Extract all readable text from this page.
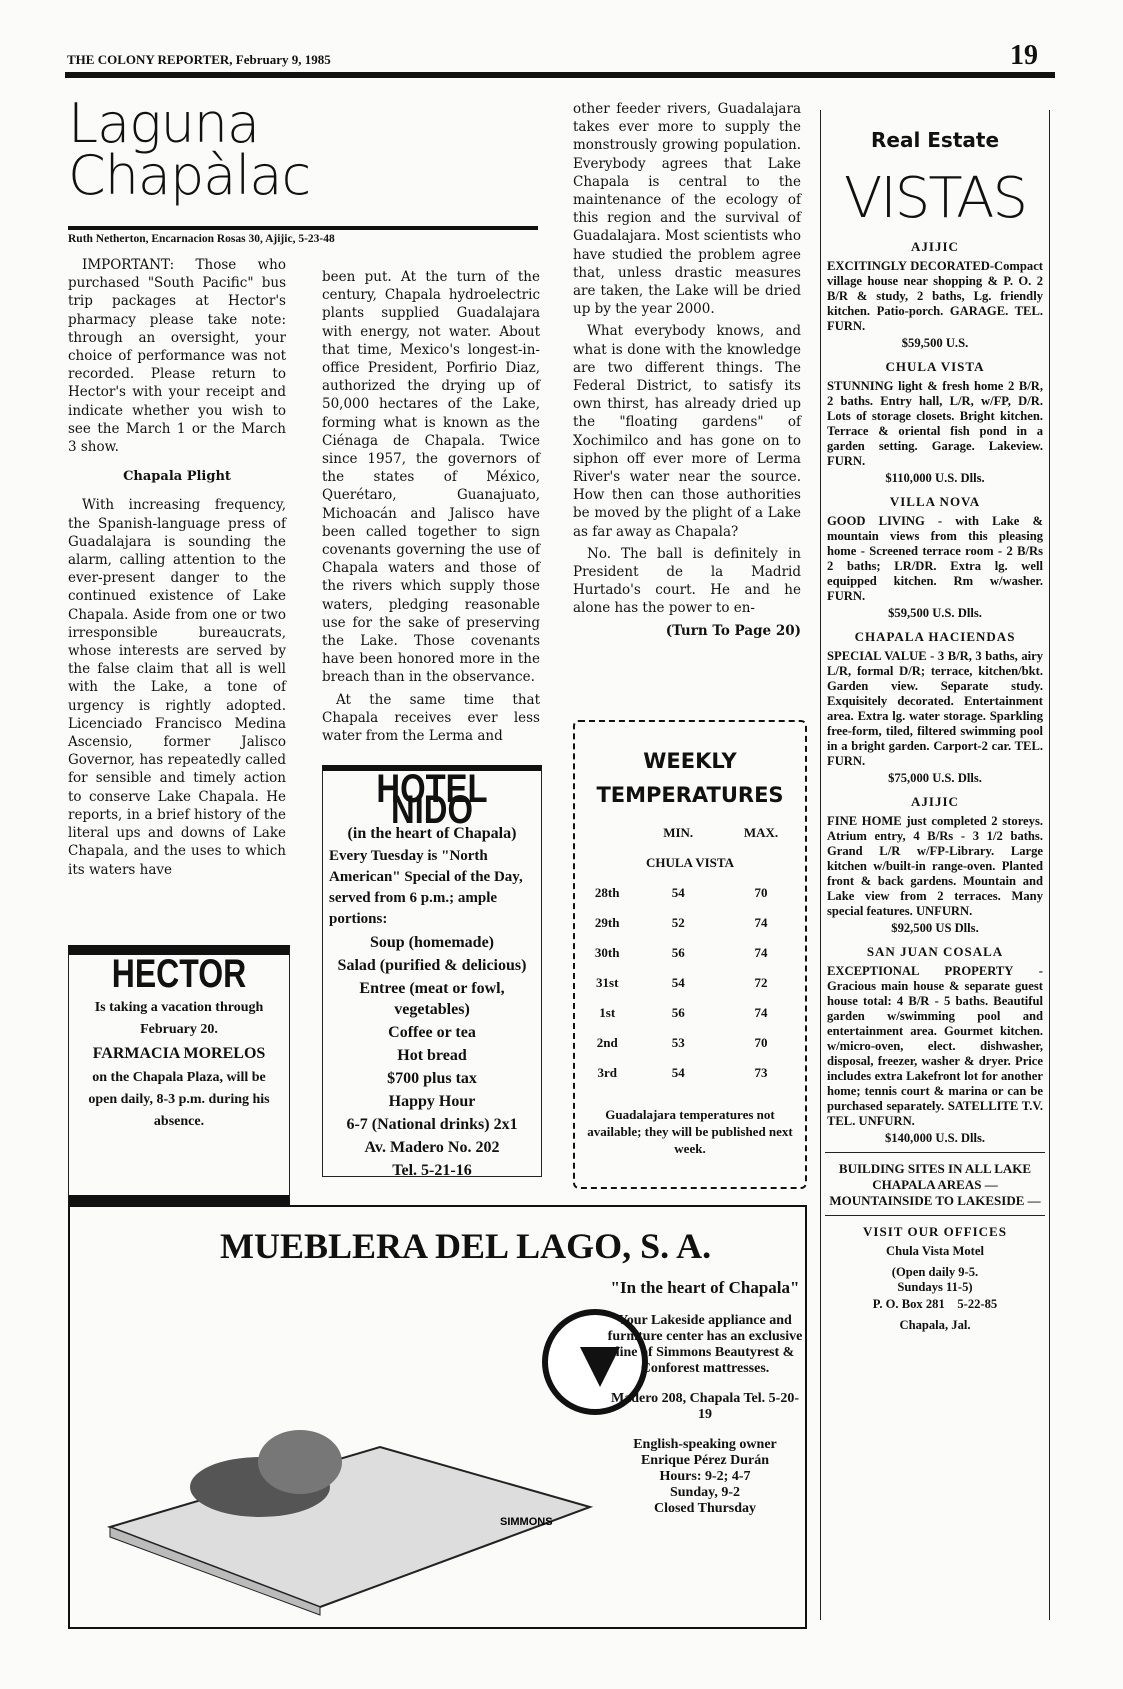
THE COLONY REPORTER, February 9, 1985	19
Laguna
Chapàlac
Ruth Netherton, Encarnacion Rosas 30, Ajijic, 5-23-48

IMPORTANT: Those who purchased "South Pacific" bus trip packages at Hector's pharmacy please take note: through an oversight, your choice of performance was not recorded. Please return to Hector's with your receipt and indicate whether you wish to see the March 1 or the March 3 show.

Chapala Plight

With increasing frequency, the Spanish-language press of Guadalajara is sounding the alarm, calling attention to the ever-present danger to the continued existence of Lake Chapala. Aside from one or two irresponsible bureaucrats, whose interests are served by the false claim that all is well with the Lake, a tone of urgency is rightly adopted. Licenciado Francisco Medina Ascensio, former Jalisco Governor, has repeatedly called for sensible and timely action to conserve Lake Chapala. He reports, in a brief history of the literal ups and downs of Lake Chapala, and the uses to which its waters have

been put. At the turn of the century, Chapala hydroelectric plants supplied Guadalajara with energy, not water. About that time, Mexico's longest-in-office President, Porfirio Diaz, authorized the drying up of 50,000 hectares of the Lake, forming what is known as the Ciénaga de Chapala. Twice since 1957, the governors of the states of México, Querétaro, Guanajuato, Michoacán and Jalisco have been called together to sign covenants governing the use of Chapala waters and those of the rivers which supply those waters, pledging reasonable use for the sake of preserving the Lake. Those covenants have been honored more in the breach than in the observance.

At the same time that Chapala receives ever less water from the Lerma and

other feeder rivers, Guadalajara takes ever more to supply the monstrously growing population. Everybody agrees that Lake Chapala is central to the maintenance of the ecology of this region and the survival of Guadalajara. Most scientists who have studied the problem agree that, unless drastic measures are taken, the Lake will be dried up by the year 2000.

What everybody knows, and what is done with the knowledge are two different things. The Federal District, to satisfy its own thirst, has already dried up the "floating gardens" of Xochimilco and has gone on to siphon off ever more of Lerma River's water near the source. How then can those authorities be moved by the plight of a Lake as far away as Chapala?

No. The ball is definitely in President de la Madrid Hurtado's court. He and he alone has the power to en-

(Turn To Page 20)
HECTOR
Is taking a vacation through February 20.
FARMACIA MORELOS
on the Chapala Plaza, will be open daily, 8-3 p.m. during his absence.
HOTEL NIDO
(in the heart of Chapala)
Every Tuesday is "North American" Special of the Day, served from 6 p.m.; ample portions:
Soup (homemade)
Salad (purified & delicious)
Entree (meat or fowl, vegetables)
Coffee or tea
Hot bread
$700 plus tax
Happy Hour
6-7 (National drinks) 2x1
Av. Madero No. 202
Tel. 5-21-16
WEEKLY
TEMPERATURES
	MIN.	MAX.
CHULA VISTA		
28th	54	70
29th	52	74
30th	56	74
31st	54	72
1st	56	74
2nd	53	70
3rd	54	73
Guadalajara temperatures not available; they will be published next week.
Real Estate
VISTAS
AJIJIC
EXCITINGLY DECORATED-Compact village house near shopping & P. O. 2 B/R & study, 2 baths, Lg. friendly kitchen. Patio-porch. GARAGE. TEL. FURN.
$59,500 U.S.
CHULA VISTA
STUNNING light & fresh home 2 B/R, 2 baths. Entry hall, L/R, w/FP, D/R. Lots of storage closets. Bright kitchen. Terrace & oriental fish pond in a garden setting. Garage. Lakeview. FURN.
$110,000 U.S. Dlls.
VILLA NOVA
GOOD LIVING - with Lake & mountain views from this pleasing home - Screened terrace room - 2 B/Rs 2 baths; LR/DR. Extra lg. well equipped kitchen. Rm w/washer. FURN.
$59,500 U.S. Dlls.
CHAPALA HACIENDAS
SPECIAL VALUE - 3 B/R, 3 baths, airy L/R, formal D/R; terrace, kitchen/bkt. Garden view. Separate study. Exquisitely decorated. Entertainment area. Extra lg. water storage. Sparkling free-form, tiled, filtered swimming pool in a bright garden. Carport-2 car. TEL. FURN.
$75,000 U.S. Dlls.
AJIJIC
FINE HOME just completed 2 storeys. Atrium entry, 4 B/Rs - 3 1/2 baths. Grand L/R w/FP-Library. Large kitchen w/built-in range-oven. Planted front & back gardens. Mountain and Lake view from 2 terraces. Many special features. UNFURN.
$92,500 US Dlls.
SAN JUAN COSALA
EXCEPTIONAL PROPERTY - Gracious main house & separate guest house total: 4 B/R - 5 baths. Beautiful garden w/swimming pool and entertainment area. Gourmet kitchen. w/micro-oven, elect. dishwasher, disposal, freezer, washer & dryer. Price includes extra Lakefront lot for another home; tennis court & marina or can be purchased separately. SATELLITE T.V. TEL. UNFURN.
$140,000 U.S. Dlls.
BUILDING SITES IN ALL LAKE CHAPALA AREAS — MOUNTAINSIDE TO LAKESIDE —
VISIT OUR OFFICES
Chula Vista Motel
(Open daily 9-5.
Sundays 11-5)
P. O. Box 281 5-22-85
Chapala, Jal.
MUEBLERA DEL LAGO, S. A.
SIMMONS
"In the heart of Chapala"
Your Lakeside appliance and furniture center has an exclusive line of Simmons Beautyrest & Conforest mattresses.
Madero 208, Chapala Tel. 5-20-19
English-speaking owner
Enrique Pérez Durán
Hours: 9-2; 4-7
Sunday, 9-2
Closed Thursday
